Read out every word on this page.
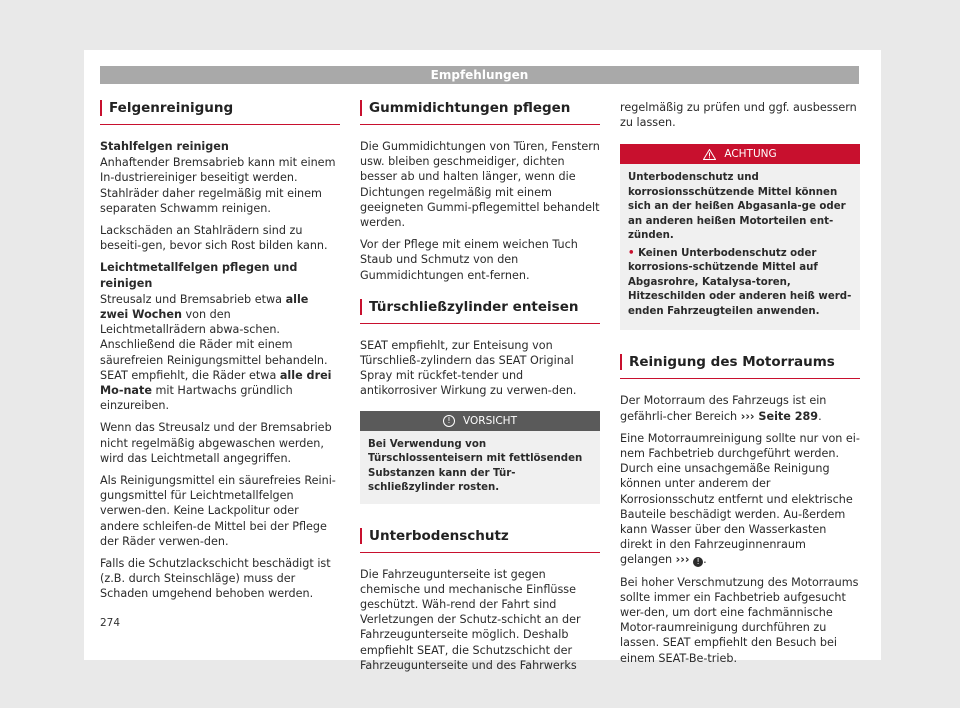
Empfehlungen
Felgenreinigung

Stahlfelgen reinigen

Anhaftender Bremsabrieb kann mit einem In-dustriereiniger beseitigt werden. Stahlräder daher regelmäßig mit einem separaten Schwamm reinigen.

Lackschäden an Stahlrädern sind zu beseiti-gen, bevor sich Rost bilden kann.

Leichtmetallfelgen pflegen und reinigen

Streusalz und Bremsabrieb etwa alle zwei Wochen von den Leichtmetallrädern abwa-schen. Anschließend die Räder mit einem säurefreien Reinigungsmittel behandeln. SEAT empfiehlt, die Räder etwa alle drei Mo-nate mit Hartwachs gründlich einzureiben.

Wenn das Streusalz und der Bremsabrieb nicht regelmäßig abgewaschen werden, wird das Leichtmetall angegriffen.

Als Reinigungsmittel ein säurefreies Reini-gungsmittel für Leichtmetallfelgen verwen-den. Keine Lackpolitur oder andere schleifen-de Mittel bei der Pflege der Räder verwen-den.

Falls die Schutzlackschicht beschädigt ist (z.B. durch Steinschläge) muss der Schaden umgehend behoben werden.

Gummidichtungen pflegen

Die Gummidichtungen von Türen, Fenstern usw. bleiben geschmeidiger, dichten besser ab und halten länger, wenn die Dichtungen regelmäßig mit einem geeigneten Gummi-pflegemittel behandelt werden.

Vor der Pflege mit einem weichen Tuch Staub und Schmutz von den Gummidichtungen ent-fernen.

Türschließzylinder enteisen

SEAT empfiehlt, zur Enteisung von Türschließ-zylindern das SEAT Original Spray mit rückfet-tender und antikorrosiver Wirkung zu verwen-den.

!	VORSICHT
Bei Verwendung von Türschlossenteisern mit fettlösenden Substanzen kann der Tür-schließzylinder rosten.
Unterbodenschutz

Die Fahrzeugunterseite ist gegen chemische und mechanische Einflüsse geschützt. Wäh-rend der Fahrt sind Verletzungen der Schutz-schicht an der Fahrzeugunterseite möglich. Deshalb empfiehlt SEAT, die Schutzschicht der Fahrzeugunterseite und des Fahrwerks

regelmäßig zu prüfen und ggf. ausbessern zu lassen.

ACHTUNG

Unterbodenschutz und korrosionsschützende Mittel können sich an der heißen Abgasanla-ge oder an anderen heißen Motorteilen ent-zünden.

• Keinen Unterbodenschutz oder korrosions-schützende Mittel auf Abgasrohre, Katalysa-toren, Hitzeschilden oder anderen heiß werd-enden Fahrzeugteilen anwenden.

Reinigung des Motorraums

Der Motorraum des Fahrzeugs ist ein gefährli-cher Bereich ››› Seite 289.

Eine Motorraumreinigung sollte nur von ei-nem Fachbetrieb durchgeführt werden. Durch eine unsachgemäße Reinigung können unter anderem der Korrosionsschutz entfernt und elektrische Bauteile beschädigt werden. Au-ßerdem kann Wasser über den Wasserkasten direkt in den Fahrzeuginnenraum gelangen ››› ! .

Bei hoher Verschmutzung des Motorraums sollte immer ein Fachbetrieb aufgesucht wer-den, um dort eine fachmännische Motor-raumreinigung durchführen zu lassen. SEAT empfiehlt den Besuch bei einem SEAT-Be-trieb.

274
